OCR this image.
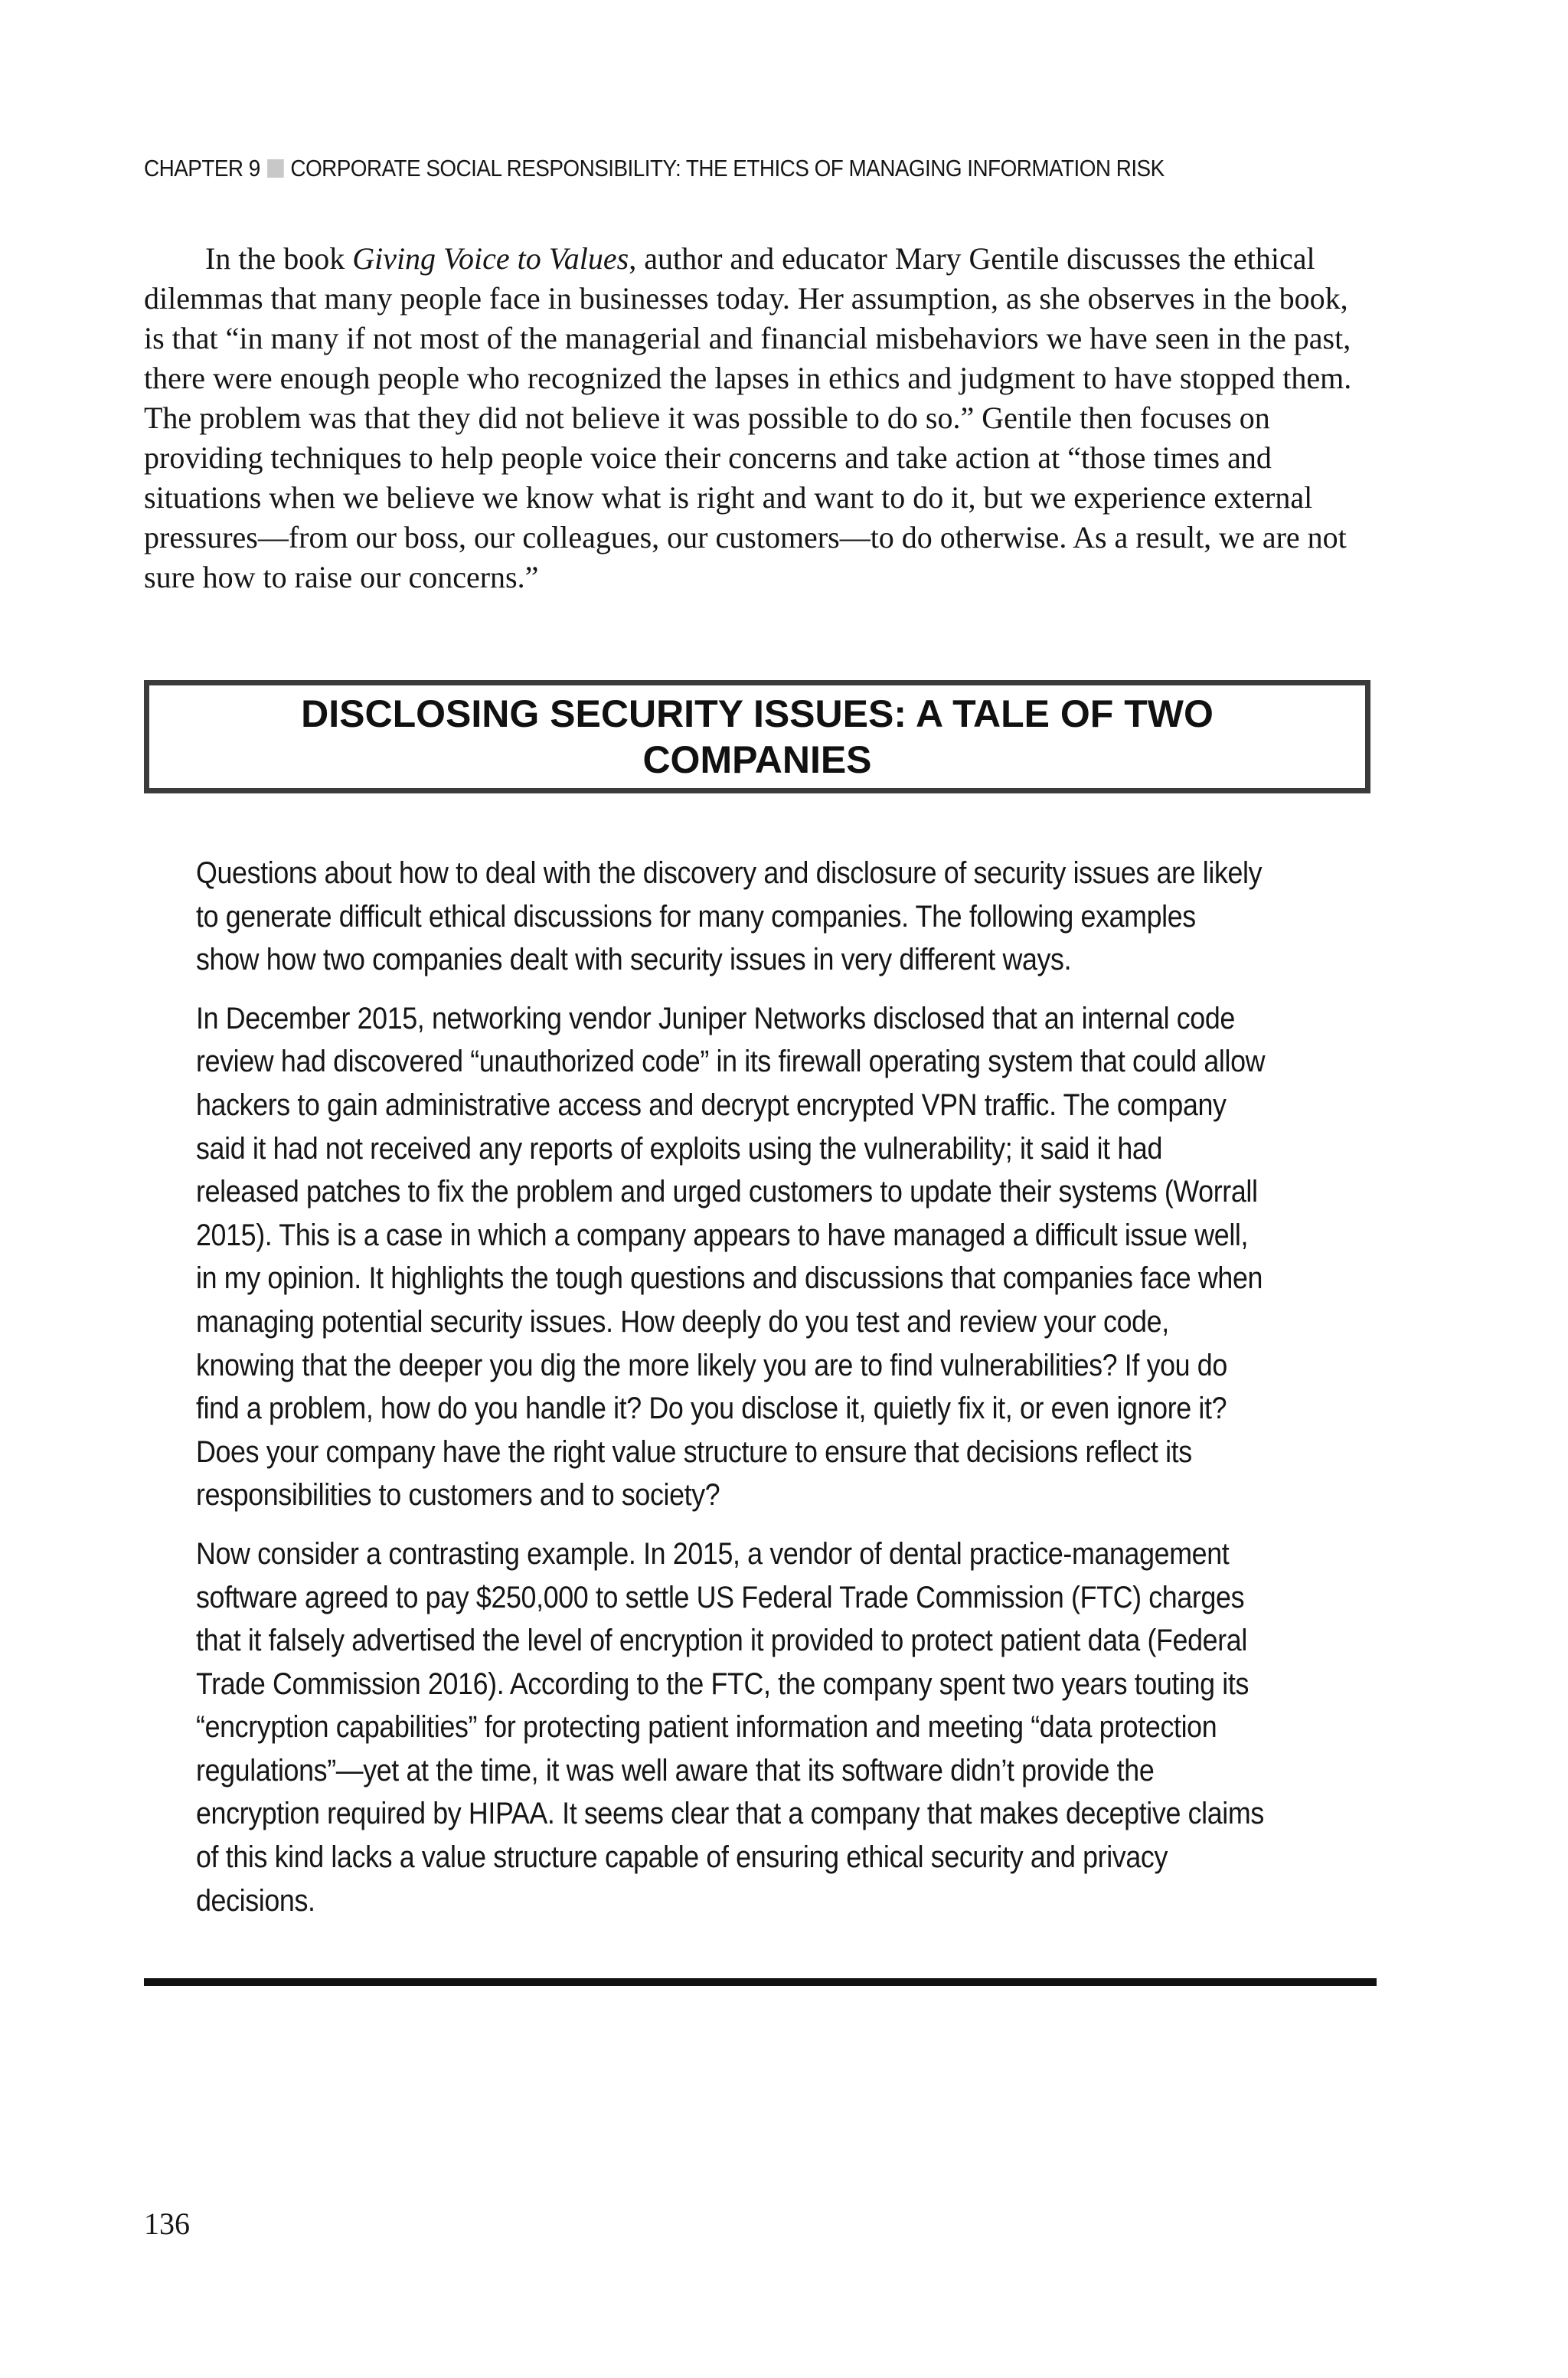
CHAPTER 9 CORPORATE SOCIAL RESPONSIBILITY: THE ETHICS OF MANAGING INFORMATION RISK

In the book Giving Voice to Values, author and educator Mary Gentile discusses the ethical dilemmas that many people face in businesses today. Her assumption, as she observes in the book, is that “in many if not most of the managerial and financial misbehaviors we have seen in the past, there were enough people who recognized the lapses in ethics and judgment to have stopped them. The problem was that they did not believe it was possible to do so.” Gentile then focuses on providing techniques to help people voice their concerns and take action at “those times and situations when we believe we know what is right and want to do it, but we experience external pressures—from our boss, our colleagues, our customers—to do otherwise. As a result, we are not sure how to raise our concerns.”

DISCLOSING SECURITY ISSUES: A TALE OF TWO COMPANIES

Questions about how to deal with the discovery and disclosure of security issues are likely to generate difficult ethical discussions for many companies. The following examples show how two companies dealt with security issues in very different ways.

In December 2015, networking vendor Juniper Networks disclosed that an internal code review had discovered “unauthorized code” in its firewall operating system that could allow hackers to gain administrative access and decrypt encrypted VPN traffic. The company said it had not received any reports of exploits using the vulnerability; it said it had released patches to fix the problem and urged customers to update their systems (Worrall 2015). This is a case in which a company appears to have managed a difficult issue well, in my opinion. It highlights the tough questions and discussions that companies face when managing potential security issues. How deeply do you test and review your code, knowing that the deeper you dig the more likely you are to find vulnerabilities? If you do find a problem, how do you handle it? Do you disclose it, quietly fix it, or even ignore it? Does your company have the right value structure to ensure that decisions reflect its responsibilities to customers and to society?

Now consider a contrasting example. In 2015, a vendor of dental practice-management software agreed to pay $250,000 to settle US Federal Trade Commission (FTC) charges that it falsely advertised the level of encryption it provided to protect patient data (Federal Trade Commission 2016). According to the FTC, the company spent two years touting its “encryption capabilities” for protecting patient information and meeting “data protection regulations”—yet at the time, it was well aware that its software didn’t provide the encryption required by HIPAA. It seems clear that a company that makes deceptive claims of this kind lacks a value structure capable of ensuring ethical security and privacy decisions.

136
